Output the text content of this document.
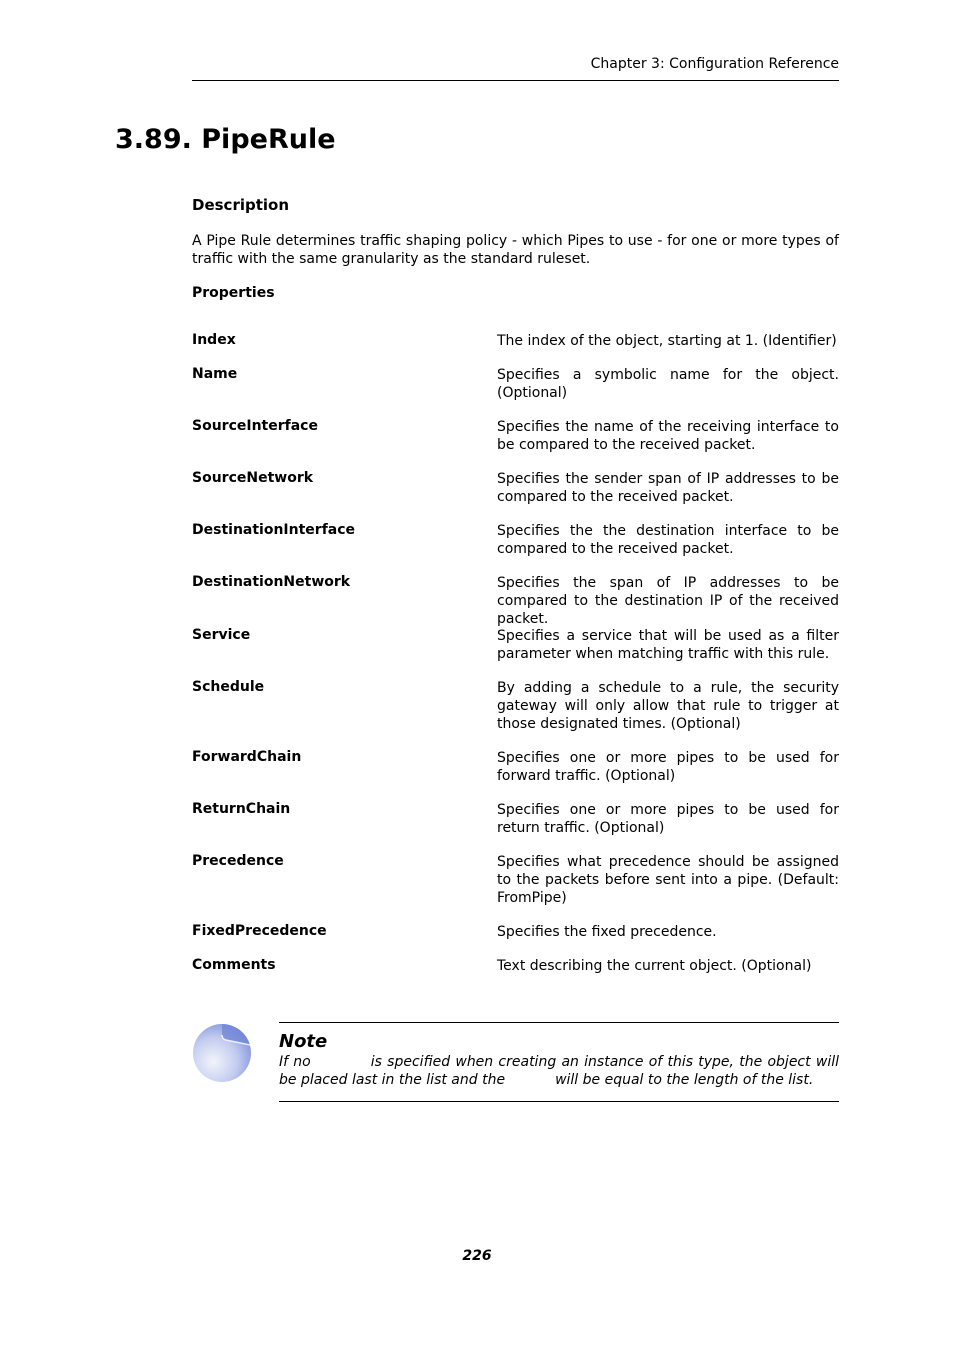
Chapter 3: Configuration Reference
3.89. PipeRule
Description
A Pipe Rule determines traffic shaping policy - which Pipes to use - for one or more types of traffic with the same granularity as the standard ruleset.
Properties
Index	The index of the object, starting at 1. (Identifier)
Name	Specifies a symbolic name for the object. (Optional)
SourceInterface	Specifies the name of the receiving interface to be compared to the received packet.
SourceNetwork	Specifies the sender span of IP addresses to be compared to the received packet.
DestinationInterface	Specifies the the destination interface to be compared to the received packet.
DestinationNetwork	Specifies the span of IP addresses to be compared to the destination IP of the received packet.
Service	Specifies a service that will be used as a filter parameter when matching traffic with this rule.
Schedule	By adding a schedule to a rule, the security gateway will only allow that rule to trigger at those designated times. (Optional)
ForwardChain	Specifies one or more pipes to be used for forward traffic. (Optional)
ReturnChain	Specifies one or more pipes to be used for return traffic. (Optional)
Precedence	Specifies what precedence should be assigned to the packets before sent into a pipe. (Default: FromPipe)
FixedPrecedence	Specifies the fixed precedence.
Comments	Text describing the current object. (Optional)
Note
If no	is specified when creating an instance of this type, the object will be placed last in the list and the	will be equal to the length of the list.
226
